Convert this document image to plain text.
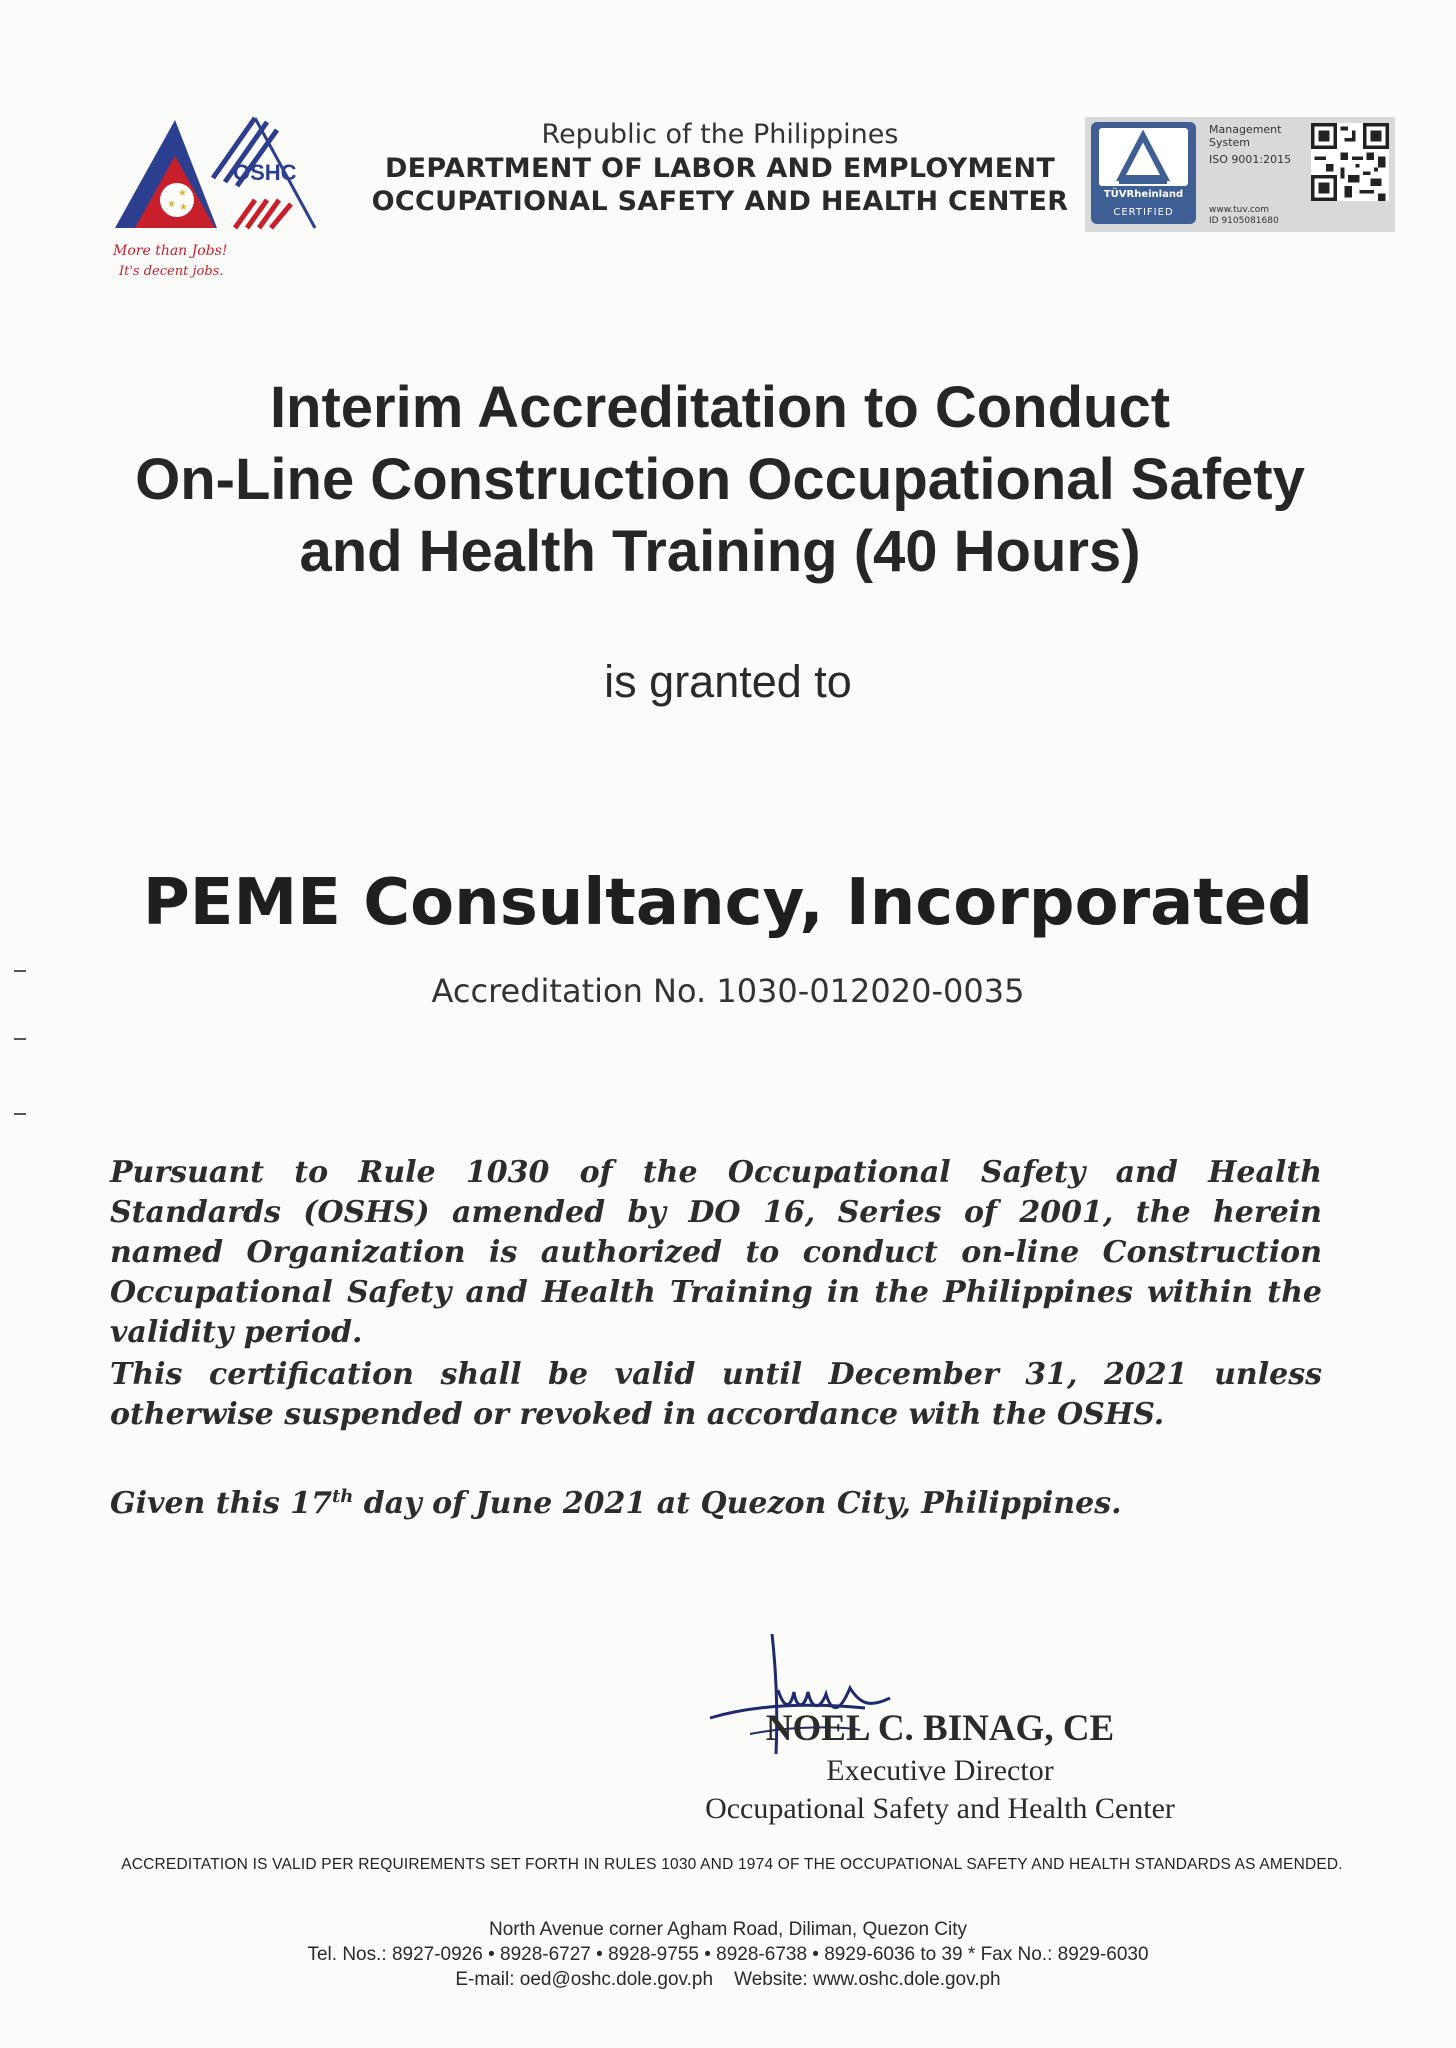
★
★
★
OSHC
More than Jobs!
It's decent jobs.
Republic of the Philippines
DEPARTMENT OF LABOR AND EMPLOYMENT
OCCUPATIONAL SAFETY AND HEALTH CENTER	TÜVRheinland
CERTIFIED
Management System
ISO 9001:2015
www.tuv.com
ID 9105081680
Interim Accreditation to Conduct
On-Line Construction Occupational Safety
and Health Training (40 Hours)
is granted to
PEME Consultancy, Incorporated
Accreditation No. 1030-012020-0035
Pursuant to Rule 1030 of the Occupational Safety and Health Standards (OSHS) amended by DO 16, Series of 2001, the herein named Organization is authorized to conduct on-line Construction Occupational Safety and Health Training in the Philippines within the validity period.
This certification shall be valid until December 31, 2021 unless otherwise suspended or revoked in accordance with the OSHS.
Given this 17th day of June 2021 at Quezon City, Philippines.
NOEL C. BINAG, CE
Executive Director
Occupational Safety and Health Center
ACCREDITATION IS VALID PER REQUIREMENTS SET FORTH IN RULES 1030 AND 1974 OF THE OCCUPATIONAL SAFETY AND HEALTH STANDARDS AS AMENDED.
North Avenue corner Agham Road, Diliman, Quezon City
Tel. Nos.: 8927-0926 • 8928-6727 • 8928-9755 • 8928-6738 • 8929-6036 to 39 * Fax No.: 8929-6030
E-mail: oed@oshc.dole.gov.ph    Website: www.oshc.dole.gov.ph
